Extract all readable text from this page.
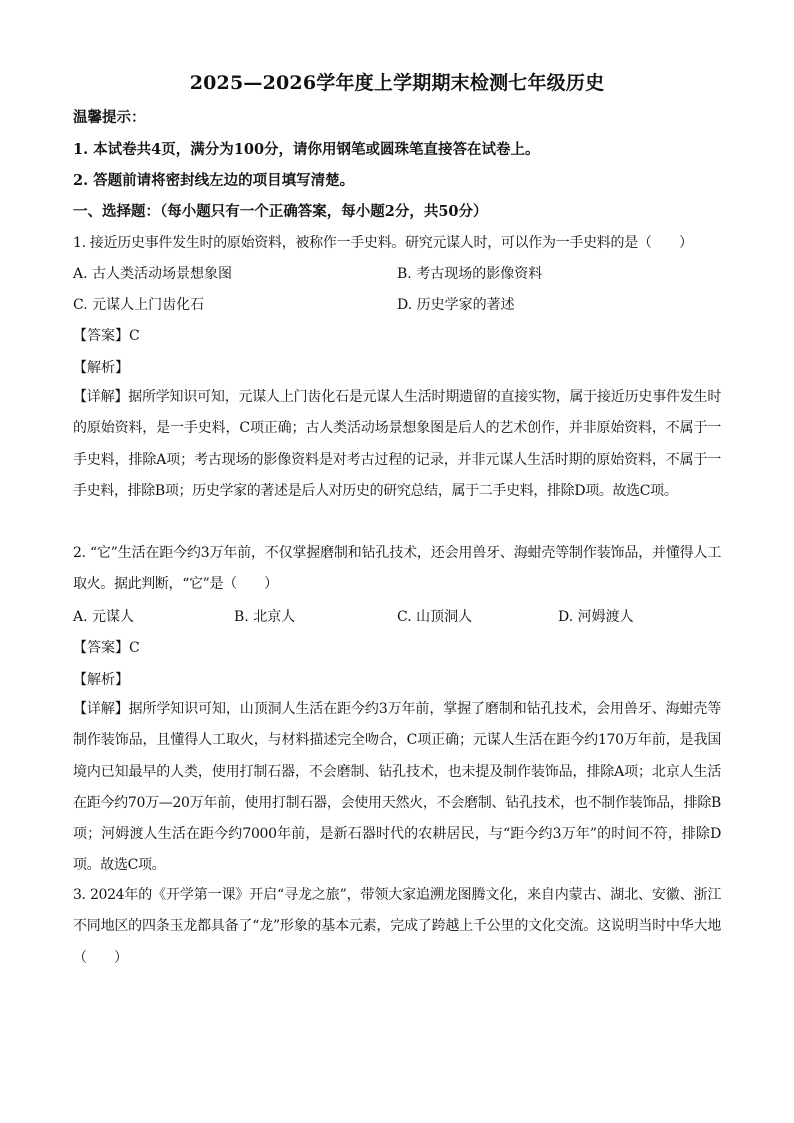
2025—2026学年度上学期期末检测七年级历史
温馨提示：
1. 本试卷共4页，满分为100分，请你用钢笔或圆珠笔直接答在试卷上。
2. 答题前请将密封线左边的项目填写清楚。
一、选择题：（每小题只有一个正确答案，每小题2分，共50分）
1. 接近历史事件发生时的原始资料，被称作一手史料。研究元谋人时，可以作为一手史料的是（　　）
A. 古人类活动场景想象图	B. 考古现场的影像资料
C. 元谋人上门齿化石	D. 历史学家的著述
【答案】C
【解析】
【详解】据所学知识可知，元谋人上门齿化石是元谋人生活时期遗留的直接实物，属于接近历史事件发生时的原始资料，是一手史料，C项正确；古人类活动场景想象图是后人的艺术创作，并非原始资料，不属于一手史料，排除A项；考古现场的影像资料是对考古过程的记录，并非元谋人生活时期的原始资料，不属于一手史料，排除B项；历史学家的著述是后人对历史的研究总结，属于二手史料，排除D项。故选C项。
2. “它”生活在距今约3万年前，不仅掌握磨制和钻孔技术，还会用兽牙、海蚶壳等制作装饰品，并懂得人工取火。据此判断，“它”是（　　）
A. 元谋人	B. 北京人	C. 山顶洞人	D. 河姆渡人
【答案】C
【解析】
【详解】据所学知识可知，山顶洞人生活在距今约3万年前，掌握了磨制和钻孔技术，会用兽牙、海蚶壳等制作装饰品，且懂得人工取火，与材料描述完全吻合，C项正确；元谋人生活在距今约170万年前，是我国境内已知最早的人类，使用打制石器，不会磨制、钻孔技术，也未提及制作装饰品，排除A项；北京人生活在距今约70万—20万年前，使用打制石器，会使用天然火，不会磨制、钻孔技术，也不制作装饰品，排除B项；河姆渡人生活在距今约7000年前，是新石器时代的农耕居民，与“距今约3万年”的时间不符，排除D项。故选C项。
3. 2024年的《开学第一课》开启“寻龙之旅”，带领大家追溯龙图腾文化，来自内蒙古、湖北、安徽、浙江不同地区的四条玉龙都具备了“龙”形象的基本元素，完成了跨越上千公里的文化交流。这说明当时中华大地（　　）
